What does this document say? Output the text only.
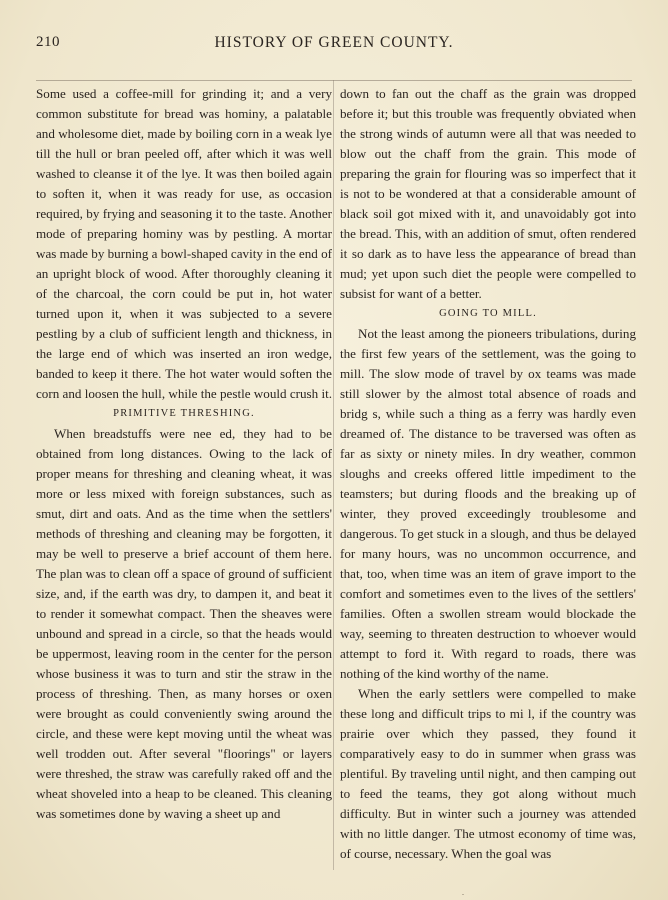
210	HISTORY OF GREEN COUNTY.

Some used a coffee-mill for grinding it; and a very common substitute for bread was hominy, a palatable and wholesome diet, made by boiling corn in a weak lye till the hull or bran peeled off, after which it was well washed to cleanse it of the lye. It was then boiled again to soften it, when it was ready for use, as occasion required, by frying and seasoning it to the taste. Another mode of preparing hominy was by pestling. A mortar was made by burning a bowl-shaped cavity in the end of an upright block of wood. After thoroughly cleaning it of the charcoal, the corn could be put in, hot water turned upon it, when it was subjected to a severe pestling by a club of sufficient length and thickness, in the large end of which was inserted an iron wedge, banded to keep it there. The hot water would soften the corn and loosen the hull, while the pestle would crush it.

PRIMITIVE THRESHING.

When breadstuffs were nee ed, they had to be obtained from long distances. Owing to the lack of proper means for threshing and cleaning wheat, it was more or less mixed with foreign substances, such as smut, dirt and oats. And as the time when the settlers' methods of threshing and cleaning may be forgotten, it may be well to preserve a brief account of them here. The plan was to clean off a space of ground of sufficient size, and, if the earth was dry, to dampen it, and beat it to render it somewhat compact. Then the sheaves were unbound and spread in a circle, so that the heads would be uppermost, leaving room in the center for the person whose business it was to turn and stir the straw in the process of threshing. Then, as many horses or oxen were brought as could conveniently swing around the circle, and these were kept moving until the wheat was well trodden out. After several "floorings" or layers were threshed, the straw was carefully raked off and the wheat shoveled into a heap to be cleaned. This cleaning was sometimes done by waving a sheet up and

down to fan out the chaff as the grain was dropped before it; but this trouble was frequently obviated when the strong winds of autumn were all that was needed to blow out the chaff from the grain. This mode of preparing the grain for flouring was so imperfect that it is not to be wondered at that a considerable amount of black soil got mixed with it, and unavoidably got into the bread. This, with an addition of smut, often rendered it so dark as to have less the appearance of bread than mud; yet upon such diet the people were compelled to subsist for want of a better.

GOING TO MILL.

Not the least among the pioneers tribulations, during the first few years of the settlement, was the going to mill. The slow mode of travel by ox teams was made still slower by the almost total absence of roads and bridg s, while such a thing as a ferry was hardly even dreamed of. The distance to be traversed was often as far as sixty or ninety miles. In dry weather, common sloughs and creeks offered little impediment to the teamsters; but during floods and the breaking up of winter, they proved exceedingly troublesome and dangerous. To get stuck in a slough, and thus be delayed for many hours, was no uncommon occurrence, and that, too, when time was an item of grave import to the comfort and sometimes even to the lives of the settlers' families. Often a swollen stream would blockade the way, seeming to threaten destruction to whoever would attempt to ford it. With regard to roads, there was nothing of the kind worthy of the name.

When the early settlers were compelled to make these long and difficult trips to mi l, if the country was prairie over which they passed, they found it comparatively easy to do in summer when grass was plentiful. By traveling until night, and then camping out to feed the teams, they got along without much difficulty. But in winter such a journey was attended with no little danger. The utmost economy of time was, of course, necessary. When the goal was

.
